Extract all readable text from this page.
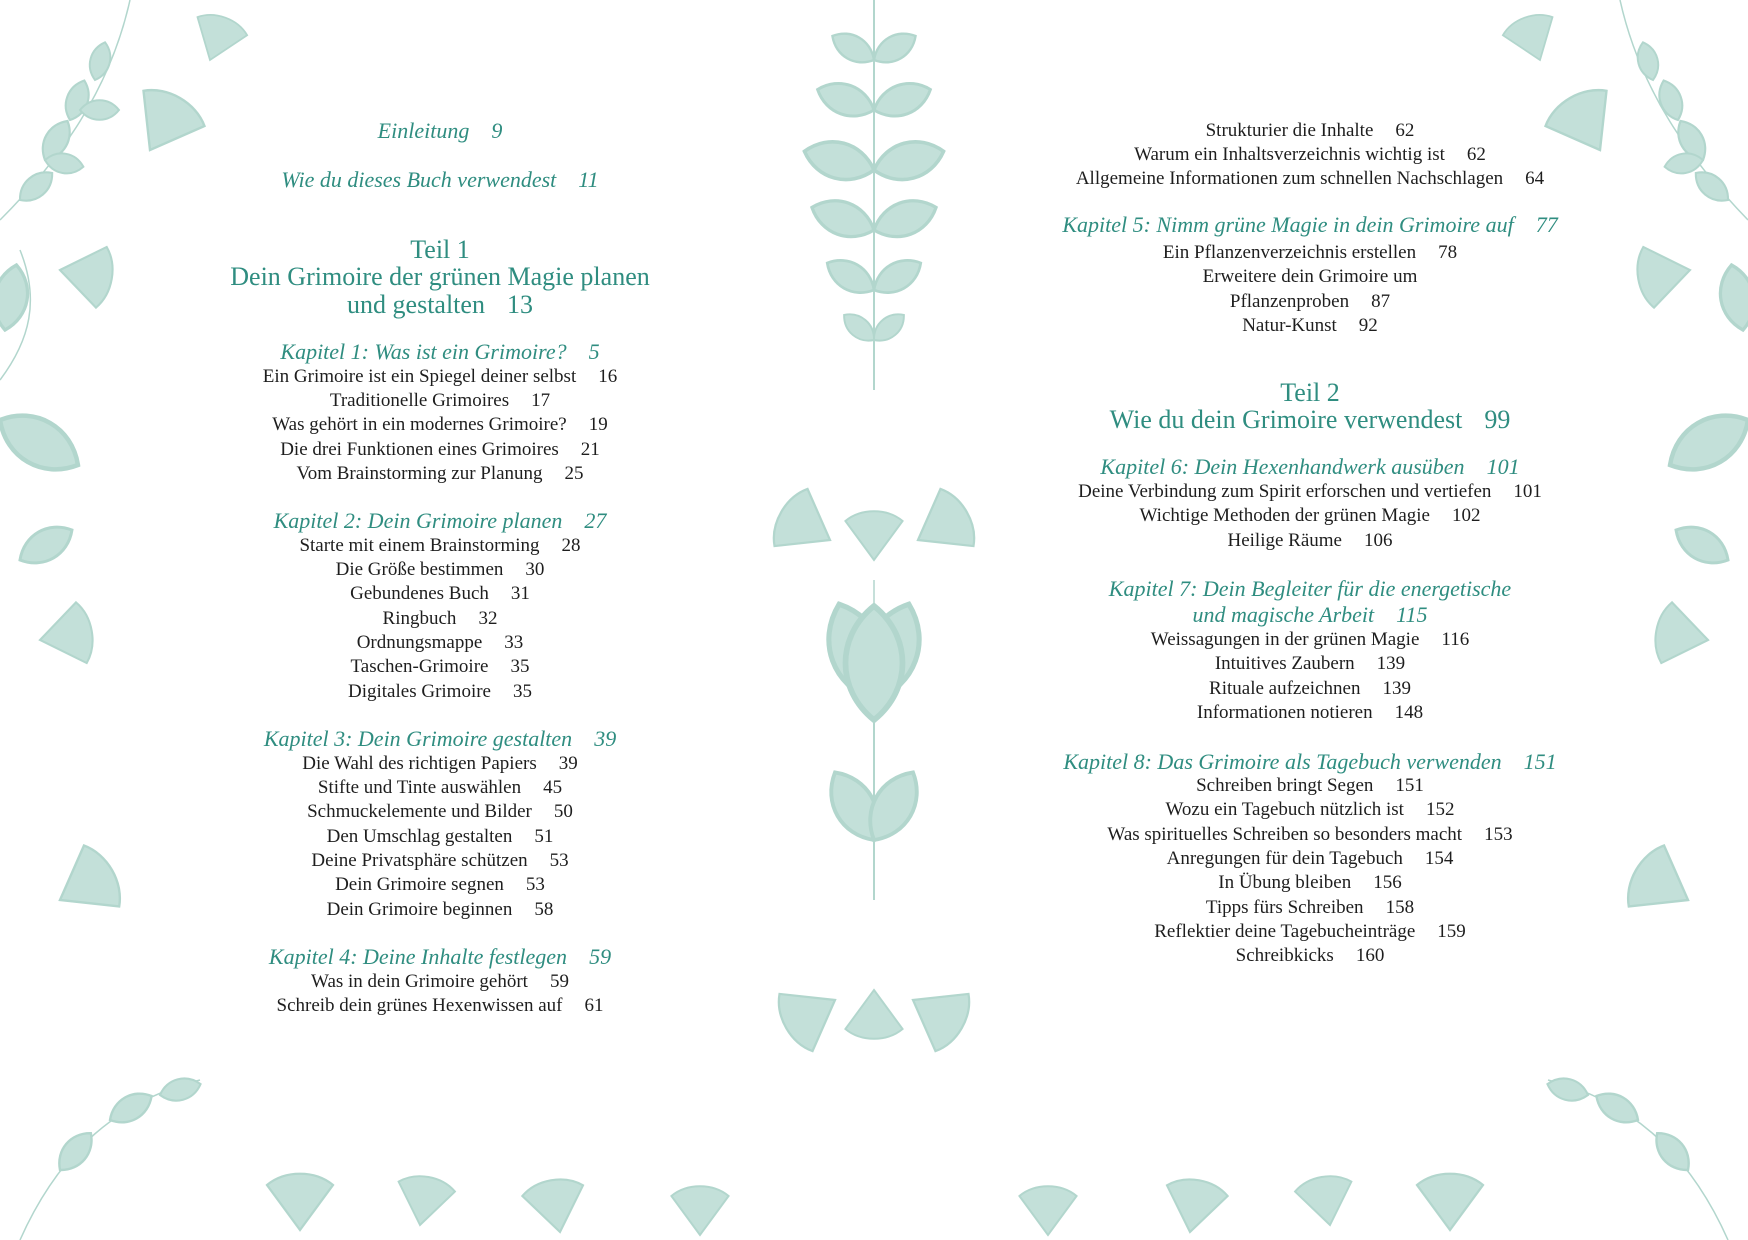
Einleitung 9
Wie du dieses Buch verwendest 11
Teil 1
Dein Grimoire der grünen Magie planen
und gestalten 13
Kapitel 1: Was ist ein Grimoire? 5
Ein Grimoire ist ein Spiegel deiner selbst 16
Traditionelle Grimoires 17
Was gehört in ein modernes Grimoire? 19
Die drei Funktionen eines Grimoires 21
Vom Brainstorming zur Planung 25
Kapitel 2: Dein Grimoire planen 27
Starte mit einem Brainstorming 28
Die Größe bestimmen 30
Gebundenes Buch 31
Ringbuch 32
Ordnungsmappe 33
Taschen-Grimoire 35
Digitales Grimoire 35
Kapitel 3: Dein Grimoire gestalten 39
Die Wahl des richtigen Papiers 39
Stifte und Tinte auswählen 45
Schmuckelemente und Bilder 50
Den Umschlag gestalten 51
Deine Privatsphäre schützen 53
Dein Grimoire segnen 53
Dein Grimoire beginnen 58
Kapitel 4: Deine Inhalte festlegen 59
Was in dein Grimoire gehört 59
Schreib dein grünes Hexenwissen auf 61
Strukturier die Inhalte 62
Warum ein Inhaltsverzeichnis wichtig ist 62
Allgemeine Informationen zum schnellen Nachschlagen 64
Kapitel 5: Nimm grüne Magie in dein Grimoire auf 77
Ein Pflanzenverzeichnis erstellen 78
Erweitere dein Grimoire um
Pflanzenproben 87
Natur-Kunst 92
Teil 2
Wie du dein Grimoire verwendest 99
Kapitel 6: Dein Hexenhandwerk ausüben 101
Deine Verbindung zum Spirit erforschen und vertiefen 101
Wichtige Methoden der grünen Magie 102
Heilige Räume 106
Kapitel 7: Dein Begleiter für die energetische
und magische Arbeit 115
Weissagungen in der grünen Magie 116
Intuitives Zaubern 139
Rituale aufzeichnen 139
Informationen notieren 148
Kapitel 8: Das Grimoire als Tagebuch verwenden 151
Schreiben bringt Segen 151
Wozu ein Tagebuch nützlich ist 152
Was spirituelles Schreiben so besonders macht 153
Anregungen für dein Tagebuch 154
In Übung bleiben 156
Tipps fürs Schreiben 158
Reflektier deine Tagebucheinträge 159
Schreibkicks 160
